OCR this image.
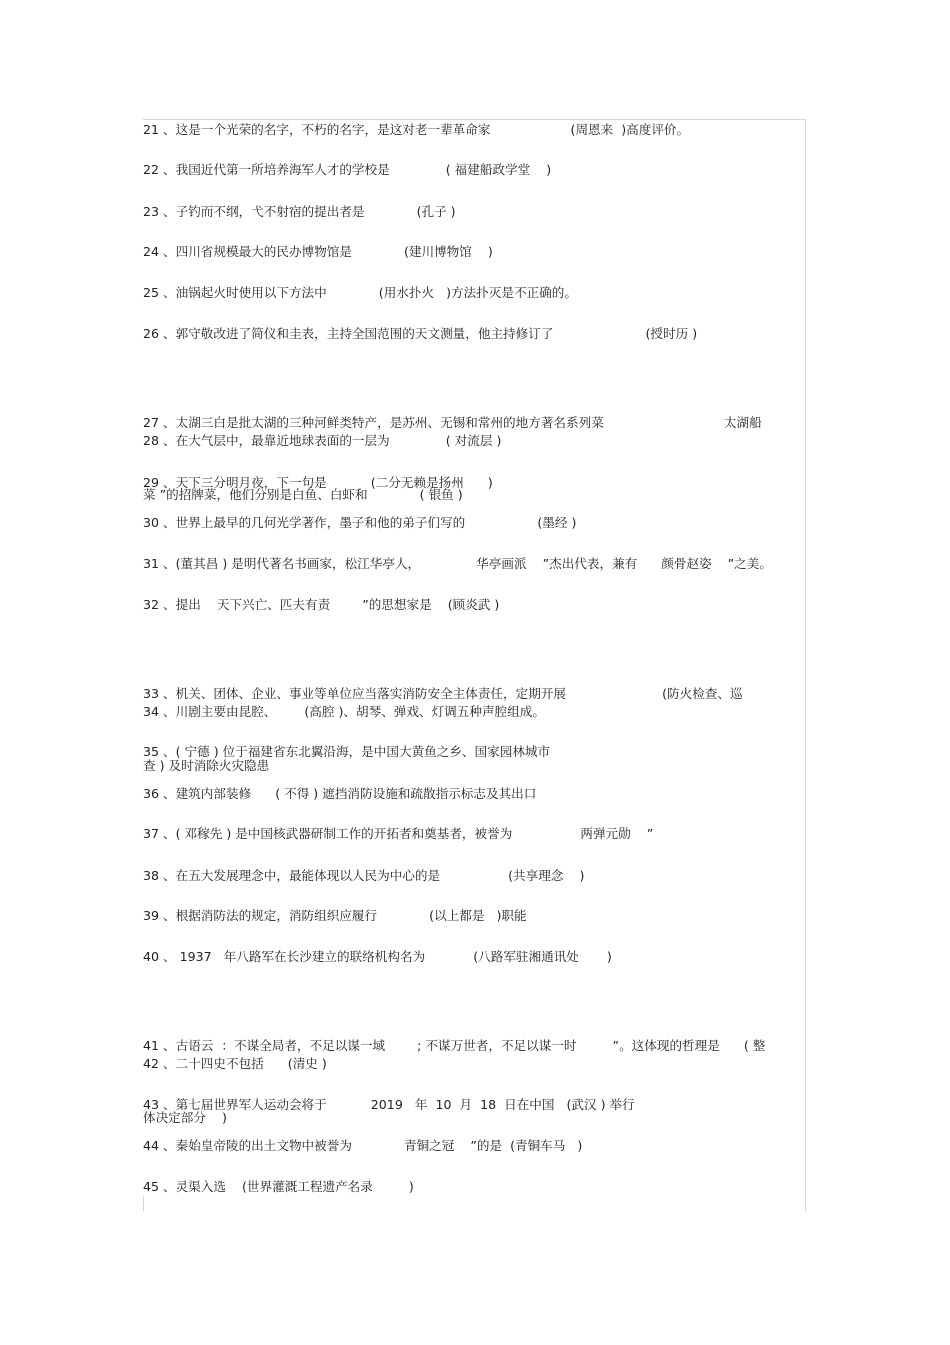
21 、这是一个光荣的名字，不朽的名字，是这对老一辈革命家                    (周恩来  )高度评价。
22 、我国近代第一所培养海军人才的学校是              ( 福建船政学堂    )
23 、子钓而不纲，弋不射宿的提出者是             (孔子 )
24 、四川省规模最大的民办博物馆是             (建川博物馆    )
25 、油锅起火时使用以下方法中             (用水扑火   )方法扑灭是不正确的。
26 、郭守敬改进了简仪和圭表，主持全国范围的天文测量，他主持修订了                       (授时历 )

27 、太湖三白是批太湖的三种河鲜类特产，是苏州、无锡和常州的地方著名系列菜                              太湖船

菜 ”的招牌菜，他们分别是白鱼、白虾和             ( 银鱼 )

28 、在大气层中，最靠近地球表面的一层为              ( 对流层 )
29 、天下三分明月夜，下一句是           (二分无赖是扬州      )
30 、世界上最早的几何光学著作，墨子和他的弟子们写的                  (墨经 )
31 、(董其昌 ) 是明代著名书画家，松江华亭人，              华亭画派    ”杰出代表，兼有      颜骨赵姿    ”之美。
32 、提出    天下兴亡、匹夫有责        ”的思想家是    (顾炎武 )

33 、机关、团体、企业、事业等单位应当落实消防安全主体责任，定期开展                        (防火检查、巡

查 ) 及时消除火灾隐患

34 、川剧主要由昆腔、       (高腔 )、胡琴、弹戏、灯调五种声腔组成。
35 、( 宁德 ) 位于福建省东北翼沿海，是中国大黄鱼之乡、国家园林城市
36 、建筑内部装修      ( 不得 ) 遮挡消防设施和疏散指示标志及其出口
37 、( 邓稼先 ) 是中国核武器研制工作的开拓者和奠基者，被誉为                 两弹元勋    ”
38 、在五大发展理念中，最能体现以人民为中心的是                 (共享理念    )
39 、根据消防法的规定，消防组织应履行             (以上都是   )职能
40 、 1937   年八路军在长沙建立的联络机构名为            (八路军驻湘通讯处       )

41 、古语云  ：不谋全局者，不足以谋一域        ; 不谋万世者，不足以谋一时         ”。这体现的哲理是      ( 整

体决定部分    )

42 、二十四史不包括      (清史 )
43 、第七届世界军人运动会将于           2019   年  10  月  18  日在中国   (武汉 ) 举行
44 、秦始皇帝陵的出土文物中被誉为             青铜之冠    ”的是  (青铜车马   )
45 、灵渠入选    (世界灌溉工程遗产名录         )
